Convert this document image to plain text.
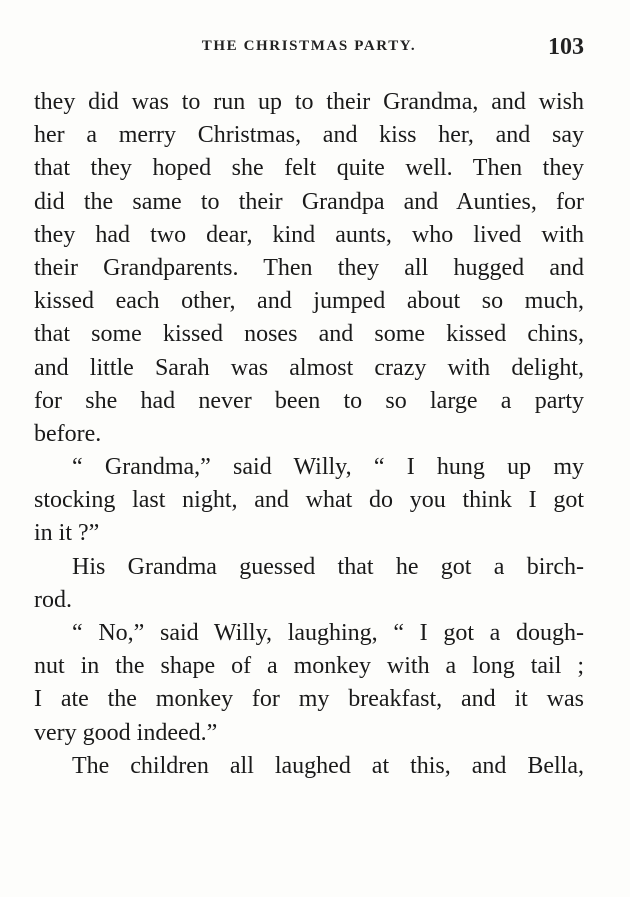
THE CHRISTMAS PARTY.	103
they did was to run up to their Grandma, and wish
her a merry Christmas, and kiss her, and say
that they hoped she felt quite well. Then they
did the same to their Grandpa and Aunties, for
they had two dear, kind aunts, who lived with
their Grandparents. Then they all hugged and
kissed each other, and jumped about so much,
that some kissed noses and some kissed chins,
and little Sarah was almost crazy with delight,
for she had never been to so large a party
before.
“ Grandma,” said Willy, “ I hung up my
stocking last night, and what do you think I got
in it ?”
His Grandma guessed that he got a birch-
rod.
“ No,” said Willy, laughing, “ I got a dough-
nut in the shape of a monkey with a long tail ;
I ate the monkey for my breakfast, and it was
very good indeed.”
The children all laughed at this, and Bella,
